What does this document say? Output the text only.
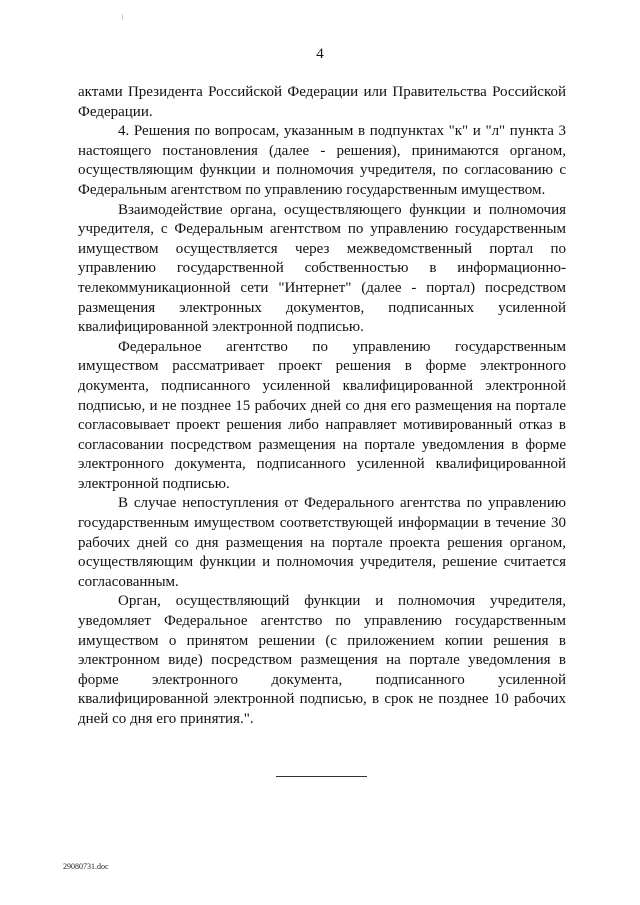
4

актами Президента Российской Федерации или Правительства Российской Федерации.

4. Решения по вопросам, указанным в подпунктах "к" и "л" пункта 3 настоящего постановления (далее - решения), принимаются органом, осуществляющим функции и полномочия учредителя, по согласованию с Федеральным агентством по управлению государственным имуществом.

Взаимодействие органа, осуществляющего функции и полномочия учредителя, с Федеральным агентством по управлению государственным имуществом осуществляется через межведомственный портал по управлению государственной собственностью в информационно-телекоммуникационной сети "Интернет" (далее - портал) посредством размещения электронных документов, подписанных усиленной квалифицированной электронной подписью.

Федеральное агентство по управлению государственным имуществом рассматривает проект решения в форме электронного документа, подписанного усиленной квалифицированной электронной подписью, и не позднее 15 рабочих дней со дня его размещения на портале согласовывает проект решения либо направляет мотивированный отказ в согласовании посредством размещения на портале уведомления в форме электронного документа, подписанного усиленной квалифицированной электронной подписью.

В случае непоступления от Федерального агентства по управлению государственным имуществом соответствующей информации в течение 30 рабочих дней со дня размещения на портале проекта решения органом, осуществляющим функции и полномочия учредителя, решение считается согласованным.

Орган, осуществляющий функции и полномочия учредителя, уведомляет Федеральное агентство по управлению государственным имуществом о принятом решении (с приложением копии решения в электронном виде) посредством размещения на портале уведомления в форме электронного документа, подписанного усиленной квалифицированной электронной подписью, в срок не позднее 10 рабочих дней со дня его принятия.".

29080731.doc
